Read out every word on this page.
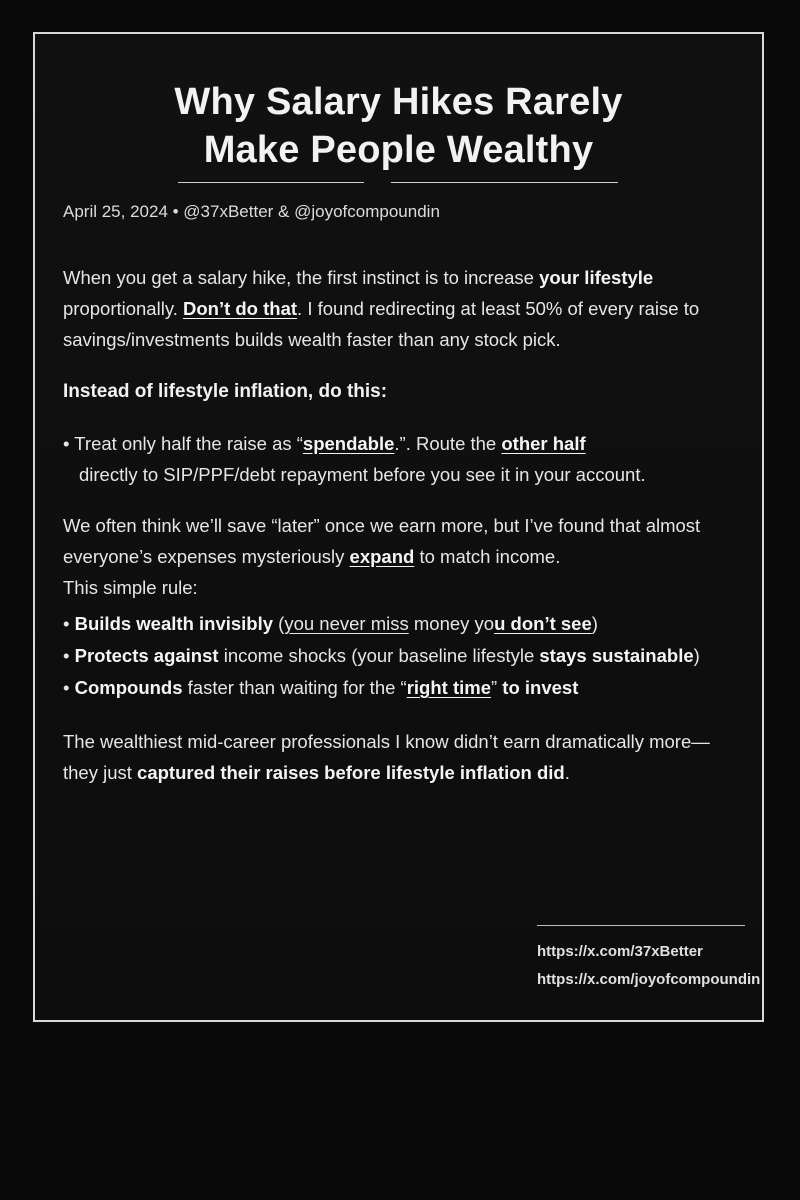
Why Salary Hikes Rarely
Make People Wealthy
April 25, 2024 • @37xBetter & @joyofcompoundin
When you get a salary hike, the first instinct is to increase your lifestyle proportionally. Don’t do that. I found redirecting at least 50% of every raise to savings/investments builds wealth faster than any stock pick.
Instead of lifestyle inflation, do this:
• Treat only half the raise as “spendable.”. Route the other half
directly to SIP/PPF/debt repayment before you see it in your account.
We often think we’ll save “later” once we earn more, but I’ve found that almost everyone’s expenses mysteriously expand to match income.
This simple rule:
• Builds wealth invisibly (you never miss money you don’t see)
• Protects against income shocks (your baseline lifestyle stays sustainable)
• Compounds faster than waiting for the “right time” to invest
The wealthiest mid-career professionals I know didn’t earn dramatically more—they just captured their raises before lifestyle inflation did.
https://x.com/37xBetter
https://x.com/joyofcompoundin
